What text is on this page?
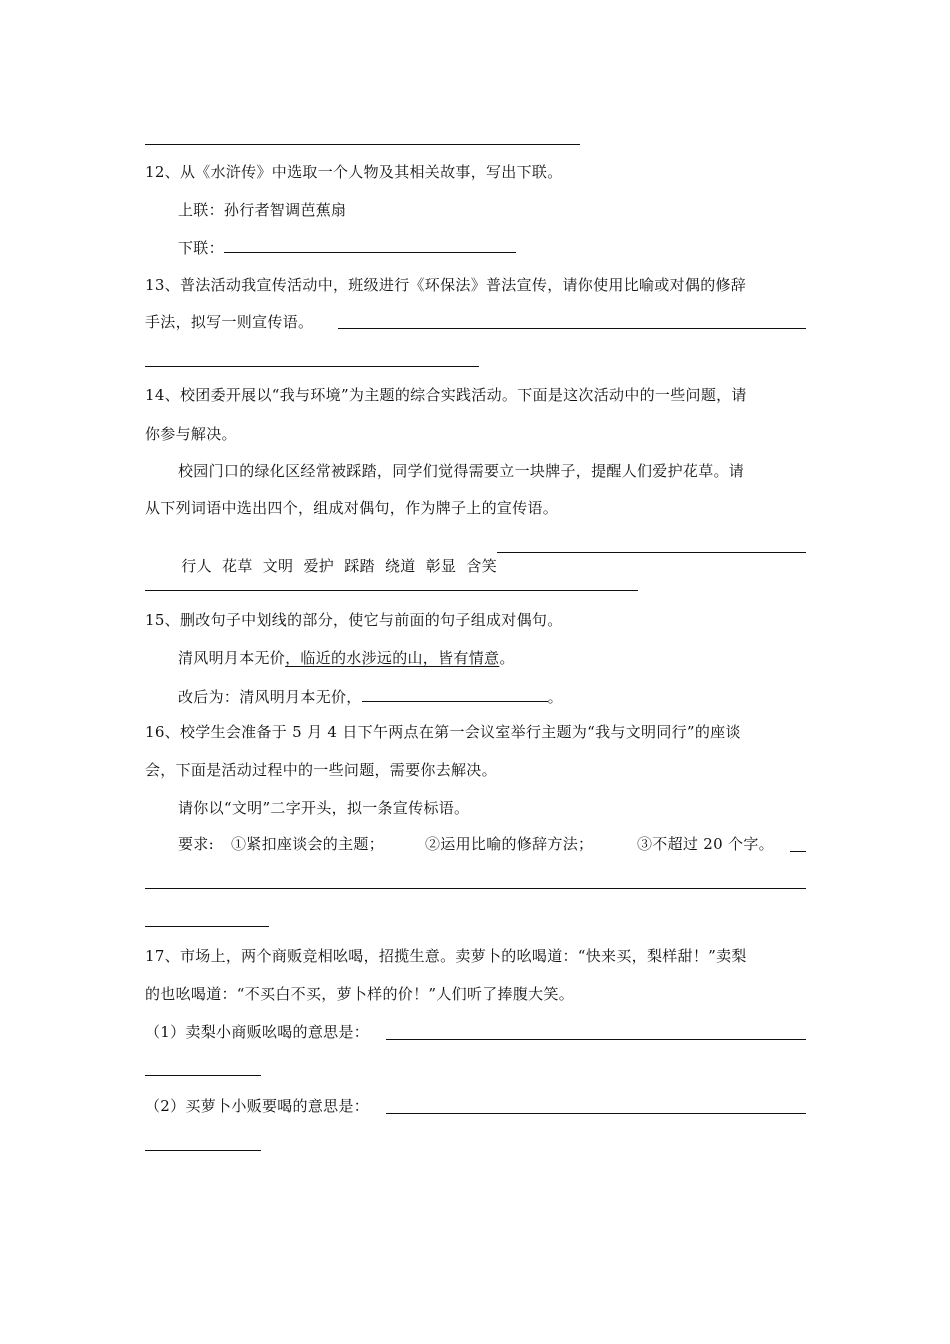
12、从《水浒传》中选取一个人物及其相关故事，写出下联。
上联：孙行者智调芭蕉扇
下联：
13、普法活动我宣传活动中，班级进行《环保法》普法宣传，请你使用比喻或对偶的修辞
手法，拟写一则宣传语。
14、校团委开展以“我与环境”为主题的综合实践活动。下面是这次活动中的一些问题，请
你参与解决。
校园门口的绿化区经常被踩踏，同学们觉得需要立一块牌子，提醒人们爱护花草。请
从下列词语中选出四个，组成对偶句，作为牌子上的宣传语。

行人  花草  文明  爱护  踩踏  绕道  彰显  含笑

15、删改句子中划线的部分，使它与前面的句子组成对偶句。
清风明月本无价，临近的水涉远的山，皆有情意。
改后为：清风明月本无价，	。
16、校学生会准备于 5 月 4 日下午两点在第一会议室举行主题为“我与文明同行”的座谈
会，下面是活动过程中的一些问题，需要你去解决。
请你以“文明”二字开头，拟一条宣传标语。
要求: ①紧扣座谈会的主题；	②运用比喻的修辞方法；	③不超过 20 个字。
17、市场上，两个商贩竞相吆喝，招揽生意。卖萝卜的吆喝道：“快来买，梨样甜！”卖梨
的也吆喝道：“不买白不买，萝卜样的价！”人们听了捧腹大笑。
（1）卖梨小商贩吆喝的意思是：
（2）买萝卜小贩要喝的意思是：
